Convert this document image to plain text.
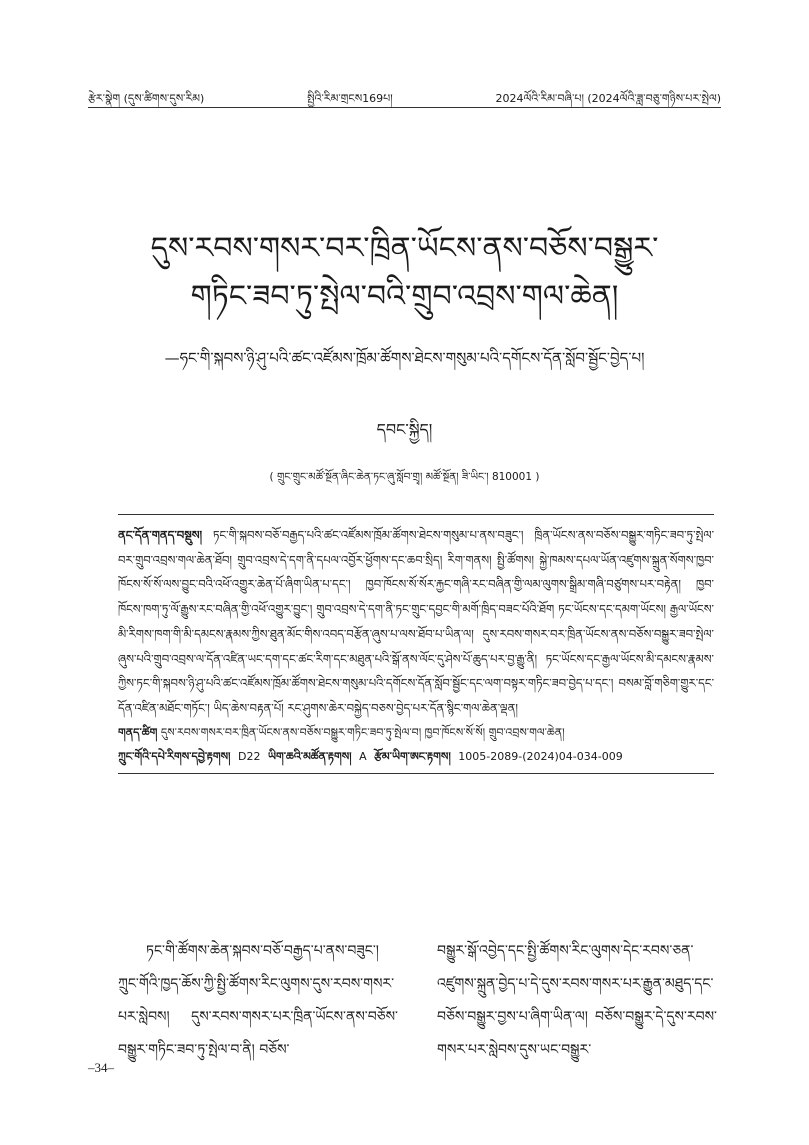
རྩེར་སྣེག (དུས་ཚིགས་དུས་རིམ)	སྤྱིའི་རིམ་གྲངས169པ།	2024ལོའི་རིམ་བཞི་པ། (2024ལོའི་ཟླ་བཅུ་གཉིས་པར་སྤེལ)
དུས་རབས་གསར་བར་ཁྲིན་ཡོངས་ནས་བཅོས་བསྒྱུར་
གཏིང་ཟབ་ཏུ་སྤེལ་བའི་གྲུབ་འབྲས་གལ་ཆེན།
—ཧང་གི་སྐབས་ཉི་ཤུ་པའི་ཚང་འཛོམས་ཁྲོམ་ཚོགས་ཐེངས་གསུམ་པའི་དགོངས་དོན་སློབ་སྦྱོང་བྱེད་པ།
དབང་སྐྱིད།
( གྲུང་གྲུང་མཚོ་སྔོན་ཞིང་ཆེན་ཏང་ཞུ་སློབ་གྲྭ། མཚོ་སྔོན། ཟི་ཡིང་། 810001 )

ནང་དོན་གནད་བསྡུས། ཏང་གི་སྐབས་བཅོ་བརྒྱད་པའི་ཚང་འཛོམས་ཁྲོམ་ཚོགས་ཐེངས་གསུམ་པ་ནས་བཟུང་། ཁྲིན་ཡོངས་ནས་བཅོས་བསྒྱུར་གཏིང་ཟབ་ཏུ་སྤེལ་བར་གྲུབ་འབྲས་གལ་ཆེན་ཐོབ། གྲུབ་འབྲས་དེ་དག་ནི་དཔལ་འབྱོར་ཕྱོགས་དང་ཆབ་སྲིད། རིག་གནས། སྤྱི་ཚོགས། སྐྱེ་ཁམས་དཔལ་ཡོན་འཛུགས་སྐྲུན་སོགས་ཁྱབ་ཁོངས་སོ་སོ་ལས་བྱུང་བའི་འཕོ་འགྱུར་ཆེན་པོ་ཞིག་ཡིན་པ་དང་། ཁྱབ་ཁོངས་སོ་སོར་རྐྱང་གཞི་རང་བཞིན་གྱི་ལམ་ལུགས་སྒྲིམ་གཞི་བཙུགས་པར་བརྟེན། ཁྱབ་ཁོངས་ཁག་ཏུ་ལོ་རྒྱུས་རང་བཞིན་གྱི་འཕོ་འགྱུར་བྱུང་། གྲུབ་འབྲས་དེ་དག་ནི་ཏང་གྲུང་དབྱང་གི་མགོ་ཁྲིད་བཟང་པོའི་ཐོག ཏང་ཡོངས་དང་དམག་ཡོངས། རྒྱལ་ཡོངས་མི་རིགས་ཁག་གི་མི་དམངས་རྣམས་ཀྱིས་ཐུན་མོང་གིས་འབད་བརྩོན་ཞུས་པ་ལས་ཐོབ་པ་ཡིན་ལ། དུས་རབས་གསར་བར་ཁྲིན་ཡོངས་ནས་བཅོས་བསྒྱུར་ཟབ་སྤེལ་ཞུས་པའི་གྲུབ་འབྲས་ལ་དོན་འཛིན་ཡང་དག་དང་ཚང་རིག་དང་མཐུན་པའི་སྒོ་ནས་ལོང་དུ་ཤེས་པོ་ཆུད་པར་བྱ་རྒྱུ་ནི། ཏང་ཡོངས་དང་རྒྱལ་ཡོངས་མི་དམངས་རྣམས་ཀྱིས་ཏང་གི་སྐབས་ཉི་ཤུ་པའི་ཚང་འཛོམས་ཁྲོམ་ཚོགས་ཐེངས་གསུམ་པའི་དགོངས་དོན་སློབ་སྦྱོང་དང་ལག་བསྟར་གཏིང་ཟབ་བྱེད་པ་དང་། བསམ་བློ་གཅིག་གྱུར་དང་དོན་འཛིན་མཐོང་གཏོང་། ཡིད་ཆེས་བརྟན་པོ། རང་ཤུགས་ཆེར་བསྐྱེད་བཅས་བྱེད་པར་དོན་སྙིང་གལ་ཆེན་ལྡན།

གནད་ཚིག དུས་རབས་གསར་བར་ཁྲིན་ཡོངས་ནས་བཅོས་བསྒྱུར་གཏིང་ཟབ་ཏུ་སྤེལ་བ། ཁྱབ་ཁོངས་སོ་སོ། གྲུབ་འབྲས་གལ་ཆེན།

ཀྲུང་གོའི་དཔེ་རིགས་དབྱེ་རྟགས། D22 ཡིག་ཆའི་མཚོན་རྟགས། A རྩོམ་ཡིག་ཨང་རྟགས། 1005-2089-(2024)04-034-009

ཏང་གི་ཚོགས་ཆེན་སྐབས་བཅོ་བརྒྱད་པ་ནས་བཟུང་། ཀྲུང་གོའི་ཁྱད་ཆོས་ཀྱི་སྤྱི་ཚོགས་རིང་ལུགས་དུས་རབས་གསར་པར་སླེབས། དུས་རབས་གསར་པར་ཁྲིན་ཡོངས་ནས་བཅོས་བསྒྱུར་གཏིང་ཟབ་ཏུ་སྤེལ་བ་ནི། བཅོས་

བསྒྱུར་སྒོ་འབྱེད་དང་སྤྱི་ཚོགས་རིང་ལུགས་དེང་རབས་ཅན་འཛུགས་སྐྲུན་བྱེད་པ་དེ་དུས་རབས་གསར་པར་རྒྱུན་མཐུད་དང་བཅོས་བསྒྱུར་བྱས་པ་ཞིག་ཡིན་ལ། བཅོས་བསྒྱུར་དེ་དུས་རབས་གསར་པར་སླེབས་དུས་ཡང་བསྒྱུར་

–34–
